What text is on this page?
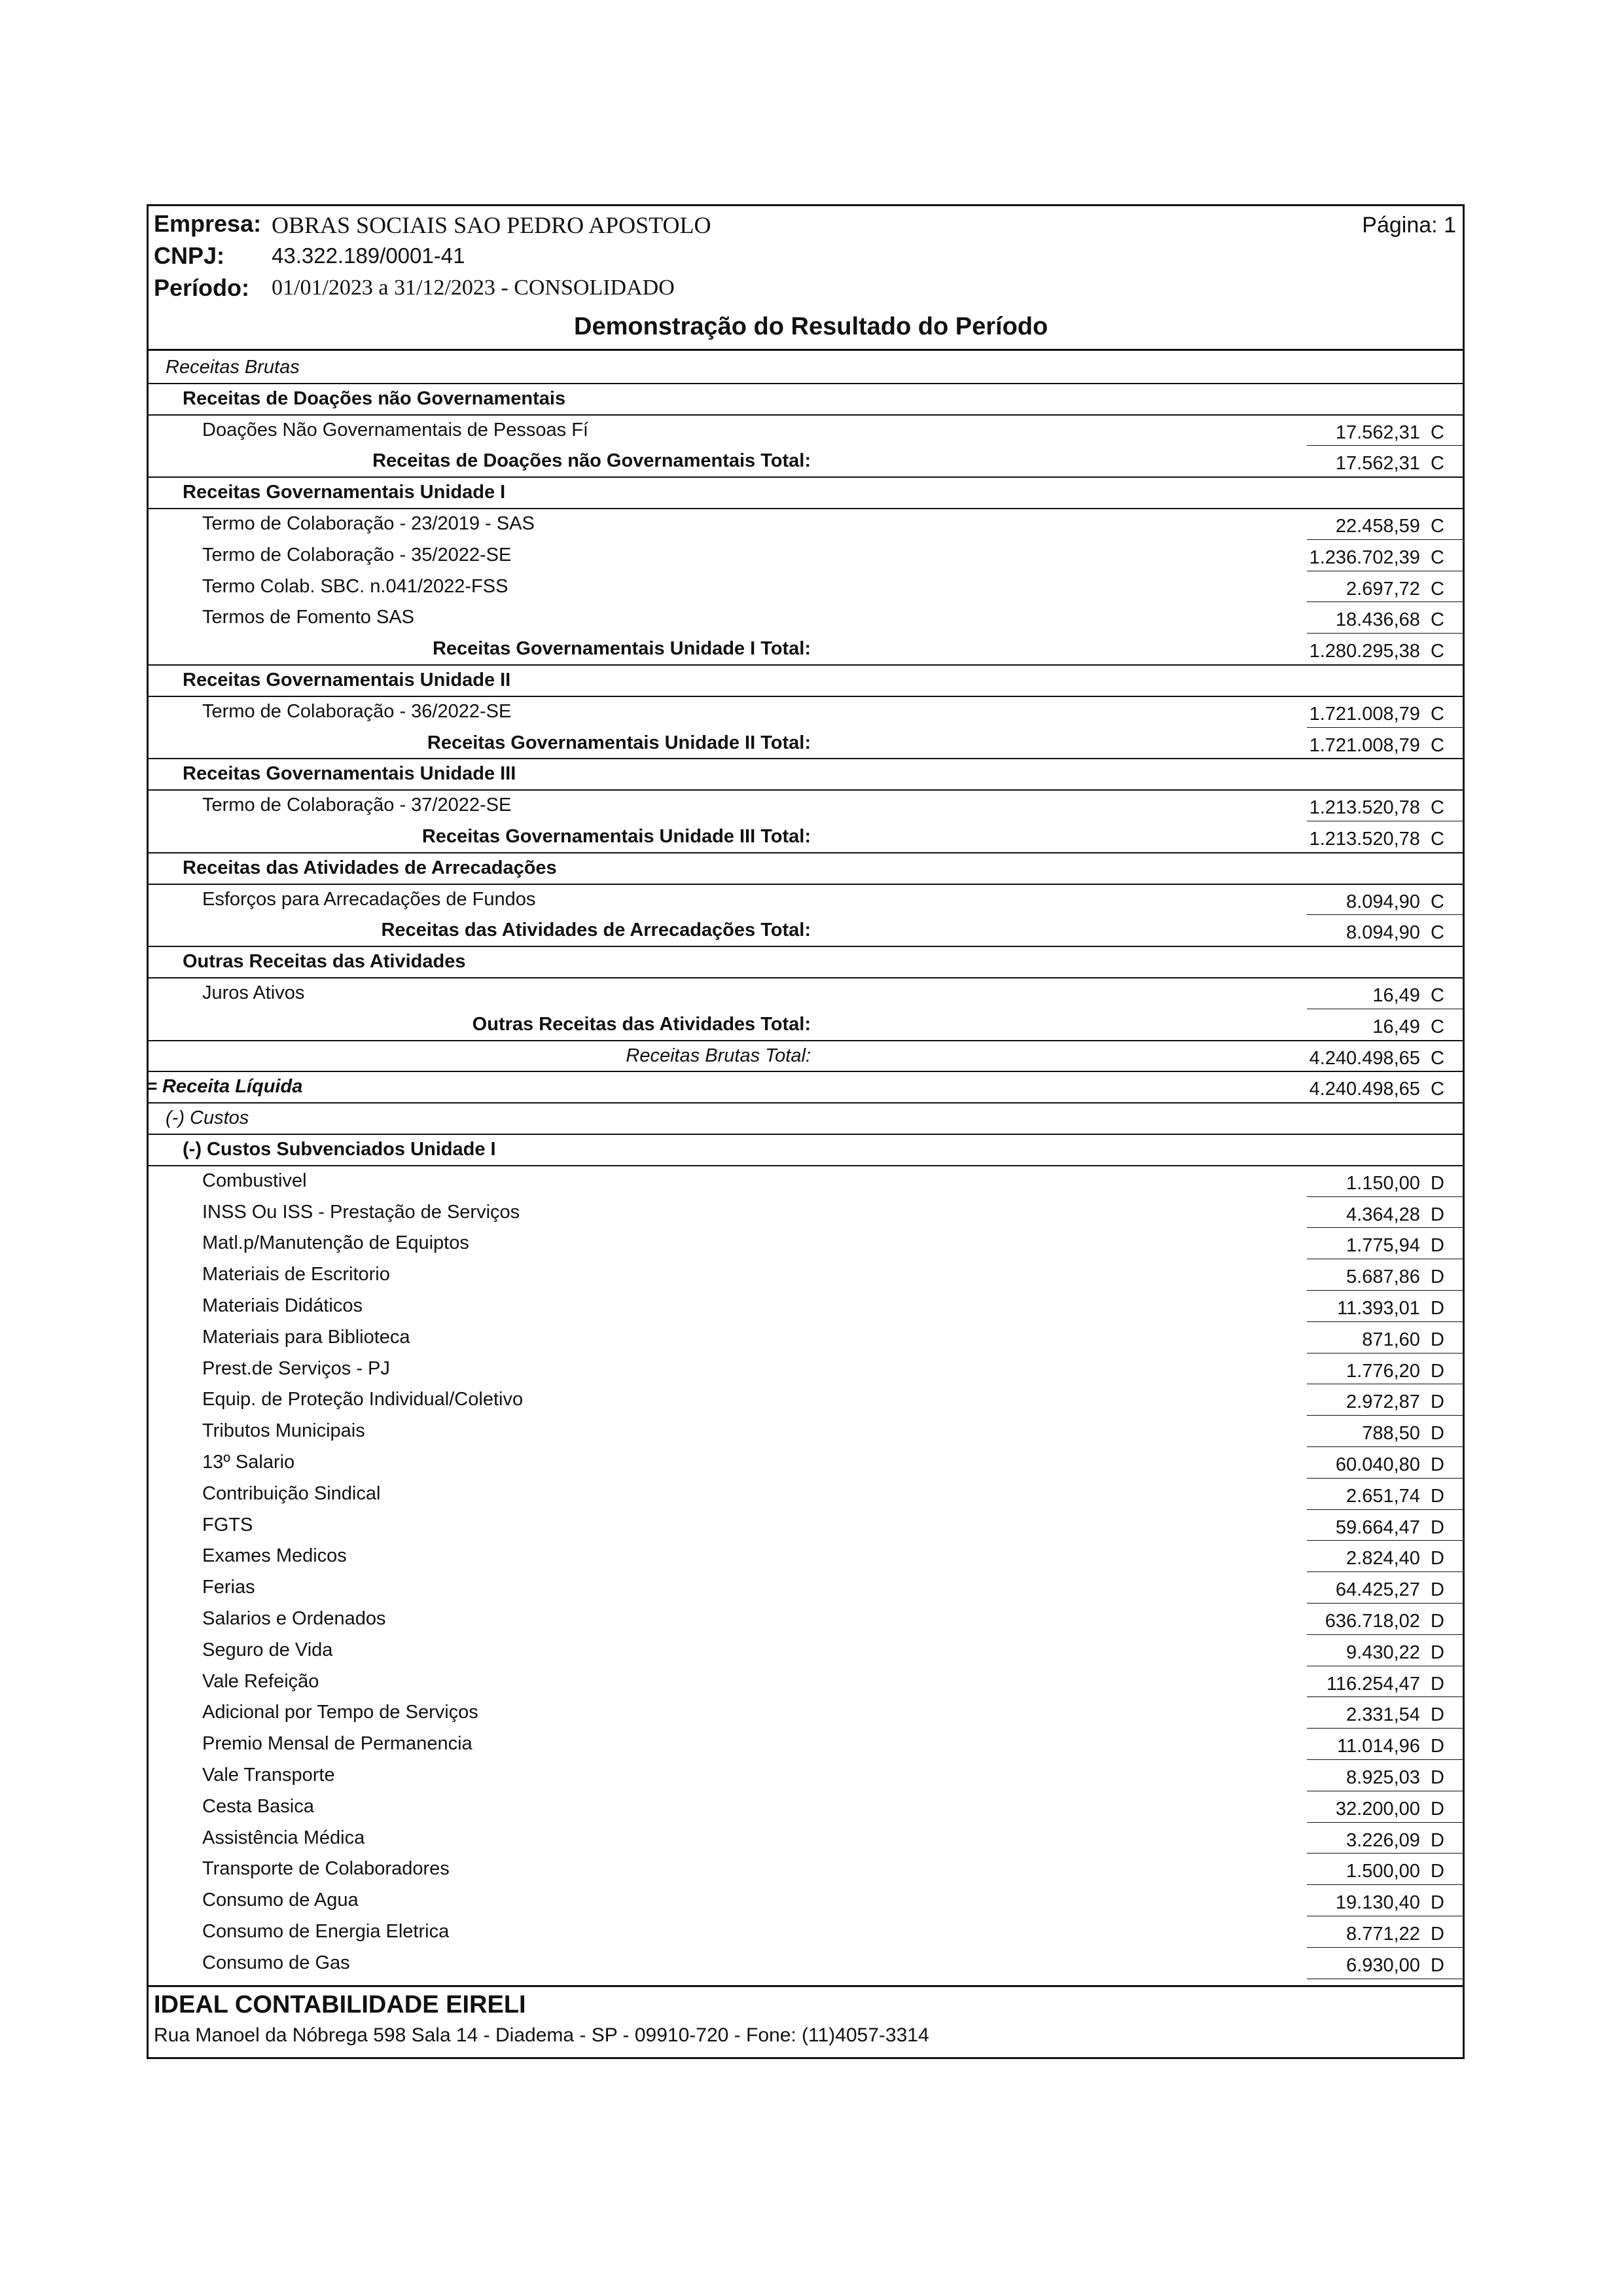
Empresa: OBRAS SOCIAIS SAO PEDRO APOSTOLO	Página: 1
CNPJ: 43.322.189/0001-41
Período: 01/01/2023 a 31/12/2023 - CONSOLIDADO
Demonstração do Resultado do Período
Receitas Brutas
Receitas de Doações não Governamentais
Doações Não Governamentais de Pessoas Fí	17.562,31  C
Receitas de Doações não Governamentais Total:	17.562,31  C
Receitas Governamentais Unidade I
Termo de Colaboração - 23/2019 - SAS	22.458,59  C
Termo de Colaboração - 35/2022-SE	1.236.702,39  C
Termo Colab. SBC. n.041/2022-FSS	2.697,72  C
Termos de Fomento SAS	18.436,68  C
Receitas Governamentais Unidade I Total:	1.280.295,38  C
Receitas Governamentais Unidade II
Termo de Colaboração - 36/2022-SE	1.721.008,79  C
Receitas Governamentais Unidade II Total:	1.721.008,79  C
Receitas Governamentais Unidade III
Termo de Colaboração - 37/2022-SE	1.213.520,78  C
Receitas Governamentais Unidade III Total:	1.213.520,78  C
Receitas das Atividades de Arrecadações
Esforços para Arrecadações de Fundos	8.094,90  C
Receitas das Atividades de Arrecadações Total:	8.094,90  C
Outras Receitas das Atividades
Juros Ativos	16,49  C
Outras Receitas das Atividades Total:	16,49  C
Receitas Brutas Total:	4.240.498,65  C
= Receita Líquida	4.240.498,65  C
(-) Custos
(-) Custos Subvenciados Unidade I
Combustivel	1.150,00  D
INSS Ou ISS - Prestação de Serviços	4.364,28  D
Matl.p/Manutenção de Equiptos	1.775,94  D
Materiais de Escritorio	5.687,86  D
Materiais Didáticos	11.393,01  D
Materiais para Biblioteca	871,60  D
Prest.de Serviços - PJ	1.776,20  D
Equip. de Proteção Individual/Coletivo	2.972,87  D
Tributos Municipais	788,50  D
13º Salario	60.040,80  D
Contribuição Sindical	2.651,74  D
FGTS	59.664,47  D
Exames Medicos	2.824,40  D
Ferias	64.425,27  D
Salarios e Ordenados	636.718,02  D
Seguro de Vida	9.430,22  D
Vale Refeição	116.254,47  D
Adicional por Tempo de Serviços	2.331,54  D
Premio Mensal de Permanencia	11.014,96  D
Vale Transporte	8.925,03  D
Cesta Basica	32.200,00  D
Assistência Médica	3.226,09  D
Transporte de Colaboradores	1.500,00  D
Consumo de Agua	19.130,40  D
Consumo de Energia Eletrica	8.771,22  D
Consumo de Gas	6.930,00  D
IDEAL CONTABILIDADE EIRELI
Rua Manoel da Nóbrega 598 Sala 14 - Diadema - SP - 09910-720 - Fone: (11)4057-3314
